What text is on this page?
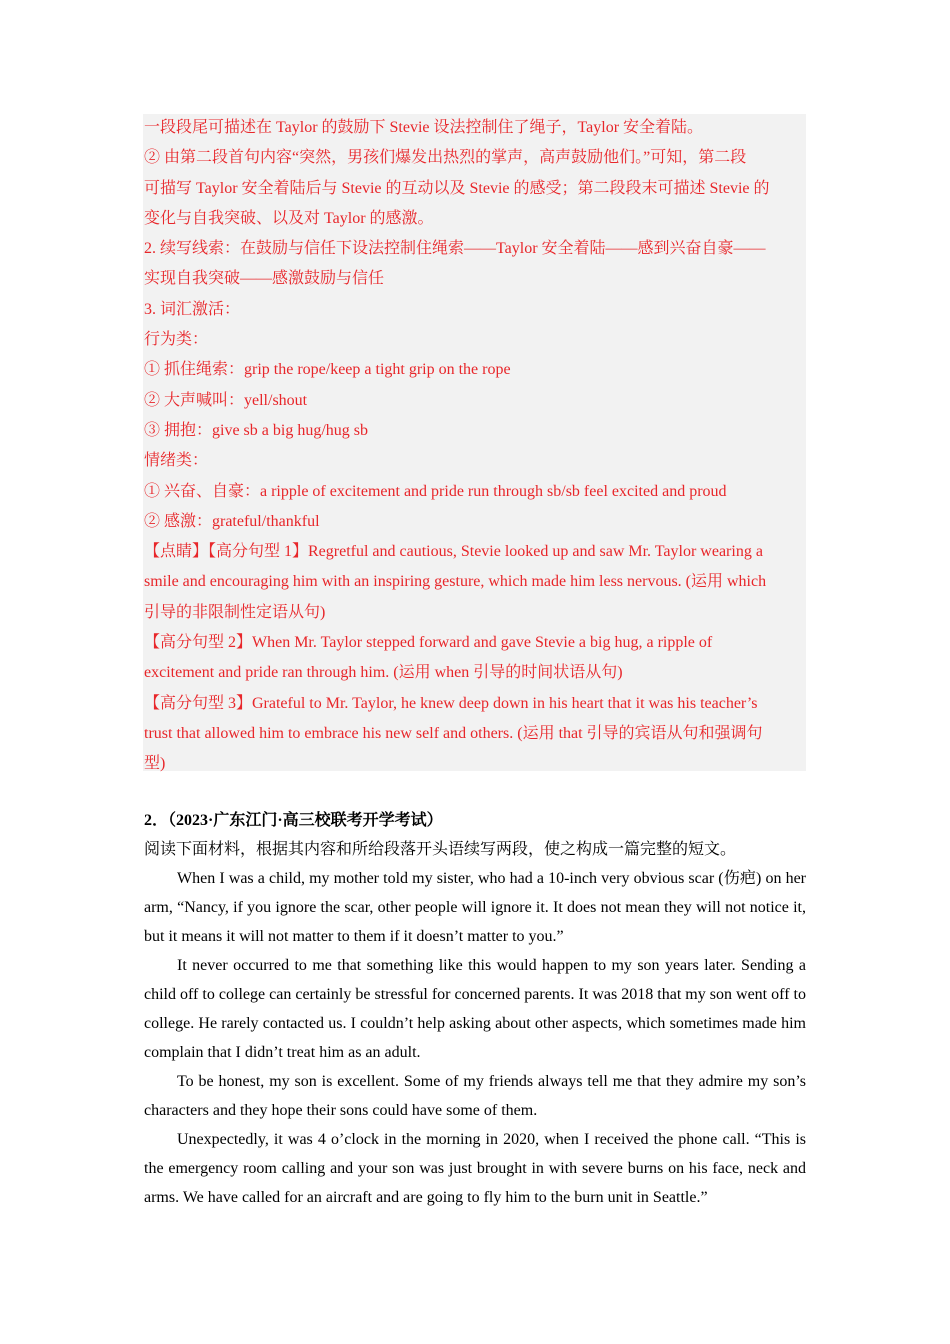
一段段尾可描述在 Taylor 的鼓励下 Stevie 设法控制住了绳子，Taylor 安全着陆。
② 由第二段首句内容“突然，男孩们爆发出热烈的掌声，高声鼓励他们。”可知，第二段
可描写 Taylor 安全着陆后与 Stevie 的互动以及 Stevie 的感受；第二段段末可描述 Stevie 的
变化与自我突破、以及对 Taylor 的感激。
2. 续写线索：在鼓励与信任下设法控制住绳索——Taylor 安全着陆——感到兴奋自豪——
实现自我突破——感激鼓励与信任
3. 词汇激活：
行为类：
① 抓住绳索：grip the rope/keep a tight grip on the rope
② 大声喊叫：yell/shout
③ 拥抱：give sb a big hug/hug sb
情绪类：
① 兴奋、自豪：a ripple of excitement and pride run through sb/sb feel excited and proud
② 感激：grateful/thankful
【点睛】【高分句型 1】Regretful and cautious, Stevie looked up and saw Mr. Taylor wearing a
smile and encouraging him with an inspiring gesture, which made him less nervous. (运用 which
引导的非限制性定语从句)
【高分句型 2】When Mr. Taylor stepped forward and gave Stevie a big hug, a ripple of
excitement and pride ran through him. (运用 when 引导的时间状语从句)
【高分句型 3】Grateful to Mr. Taylor, he knew deep down in his heart that it was his teacher’s
trust that allowed him to embrace his new self and others. (运用 that 引导的宾语从句和强调句
型)
2．（2023·广东江门·高三校联考开学考试）
阅读下面材料，根据其内容和所给段落开头语续写两段，使之构成一篇完整的短文。

When I was a child, my mother told my sister, who had a 10-inch very obvious scar (伤疤) on her arm, “Nancy, if you ignore the scar, other people will ignore it. It does not mean they will not notice it, but it means it will not matter to them if it doesn’t matter to you.”

It never occurred to me that something like this would happen to my son years later. Sending a child off to college can certainly be stressful for concerned parents. It was 2018 that my son went off to college. He rarely contacted us. I couldn’t help asking about other aspects, which sometimes made him complain that I didn’t treat him as an adult.

To be honest, my son is excellent. Some of my friends always tell me that they admire my son’s characters and they hope their sons could have some of them.

Unexpectedly, it was 4 o’clock in the morning in 2020, when I received the phone call. “This is the emergency room calling and your son was just brought in with severe burns on his face, neck and arms. We have called for an aircraft and are going to fly him to the burn unit in Seattle.”
